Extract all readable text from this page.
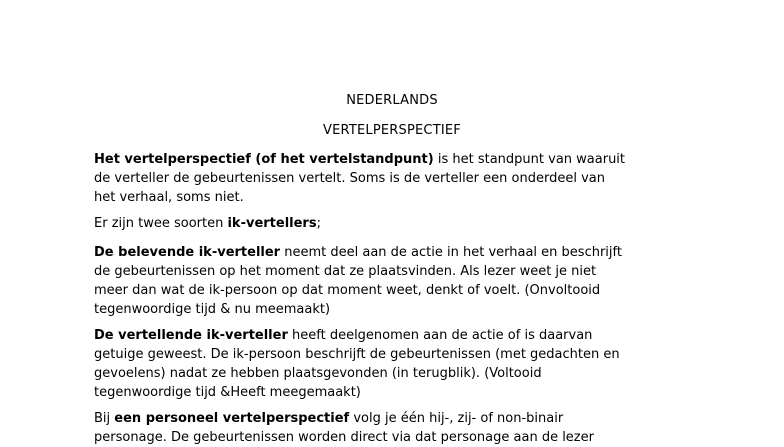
NEDERLANDS
VERTELPERSPECTIEF

Het vertelperspectief (of het vertelstandpunt) is het standpunt van waaruit
de verteller de gebeurtenissen vertelt. Soms is de verteller een onderdeel van
het verhaal, soms niet.

Er zijn twee soorten ik-vertellers;

De belevende ik-verteller neemt deel aan de actie in het verhaal en beschrijft
de gebeurtenissen op het moment dat ze plaatsvinden. Als lezer weet je niet
meer dan wat de ik-persoon op dat moment weet, denkt of voelt. (Onvoltooid
tegenwoordige tijd & nu meemaakt)

De vertellende ik-verteller heeft deelgenomen aan de actie of is daarvan
getuige geweest. De ik-persoon beschrijft de gebeurtenissen (met gedachten en
gevoelens) nadat ze hebben plaatsgevonden (in terugblik). (Voltooid
tegenwoordige tijd &Heeft meegemaakt)

Bij een personeel vertelperspectief volg je één hij-, zij- of non-binair
personage. De gebeurtenissen worden direct via dat personage aan de lezer
